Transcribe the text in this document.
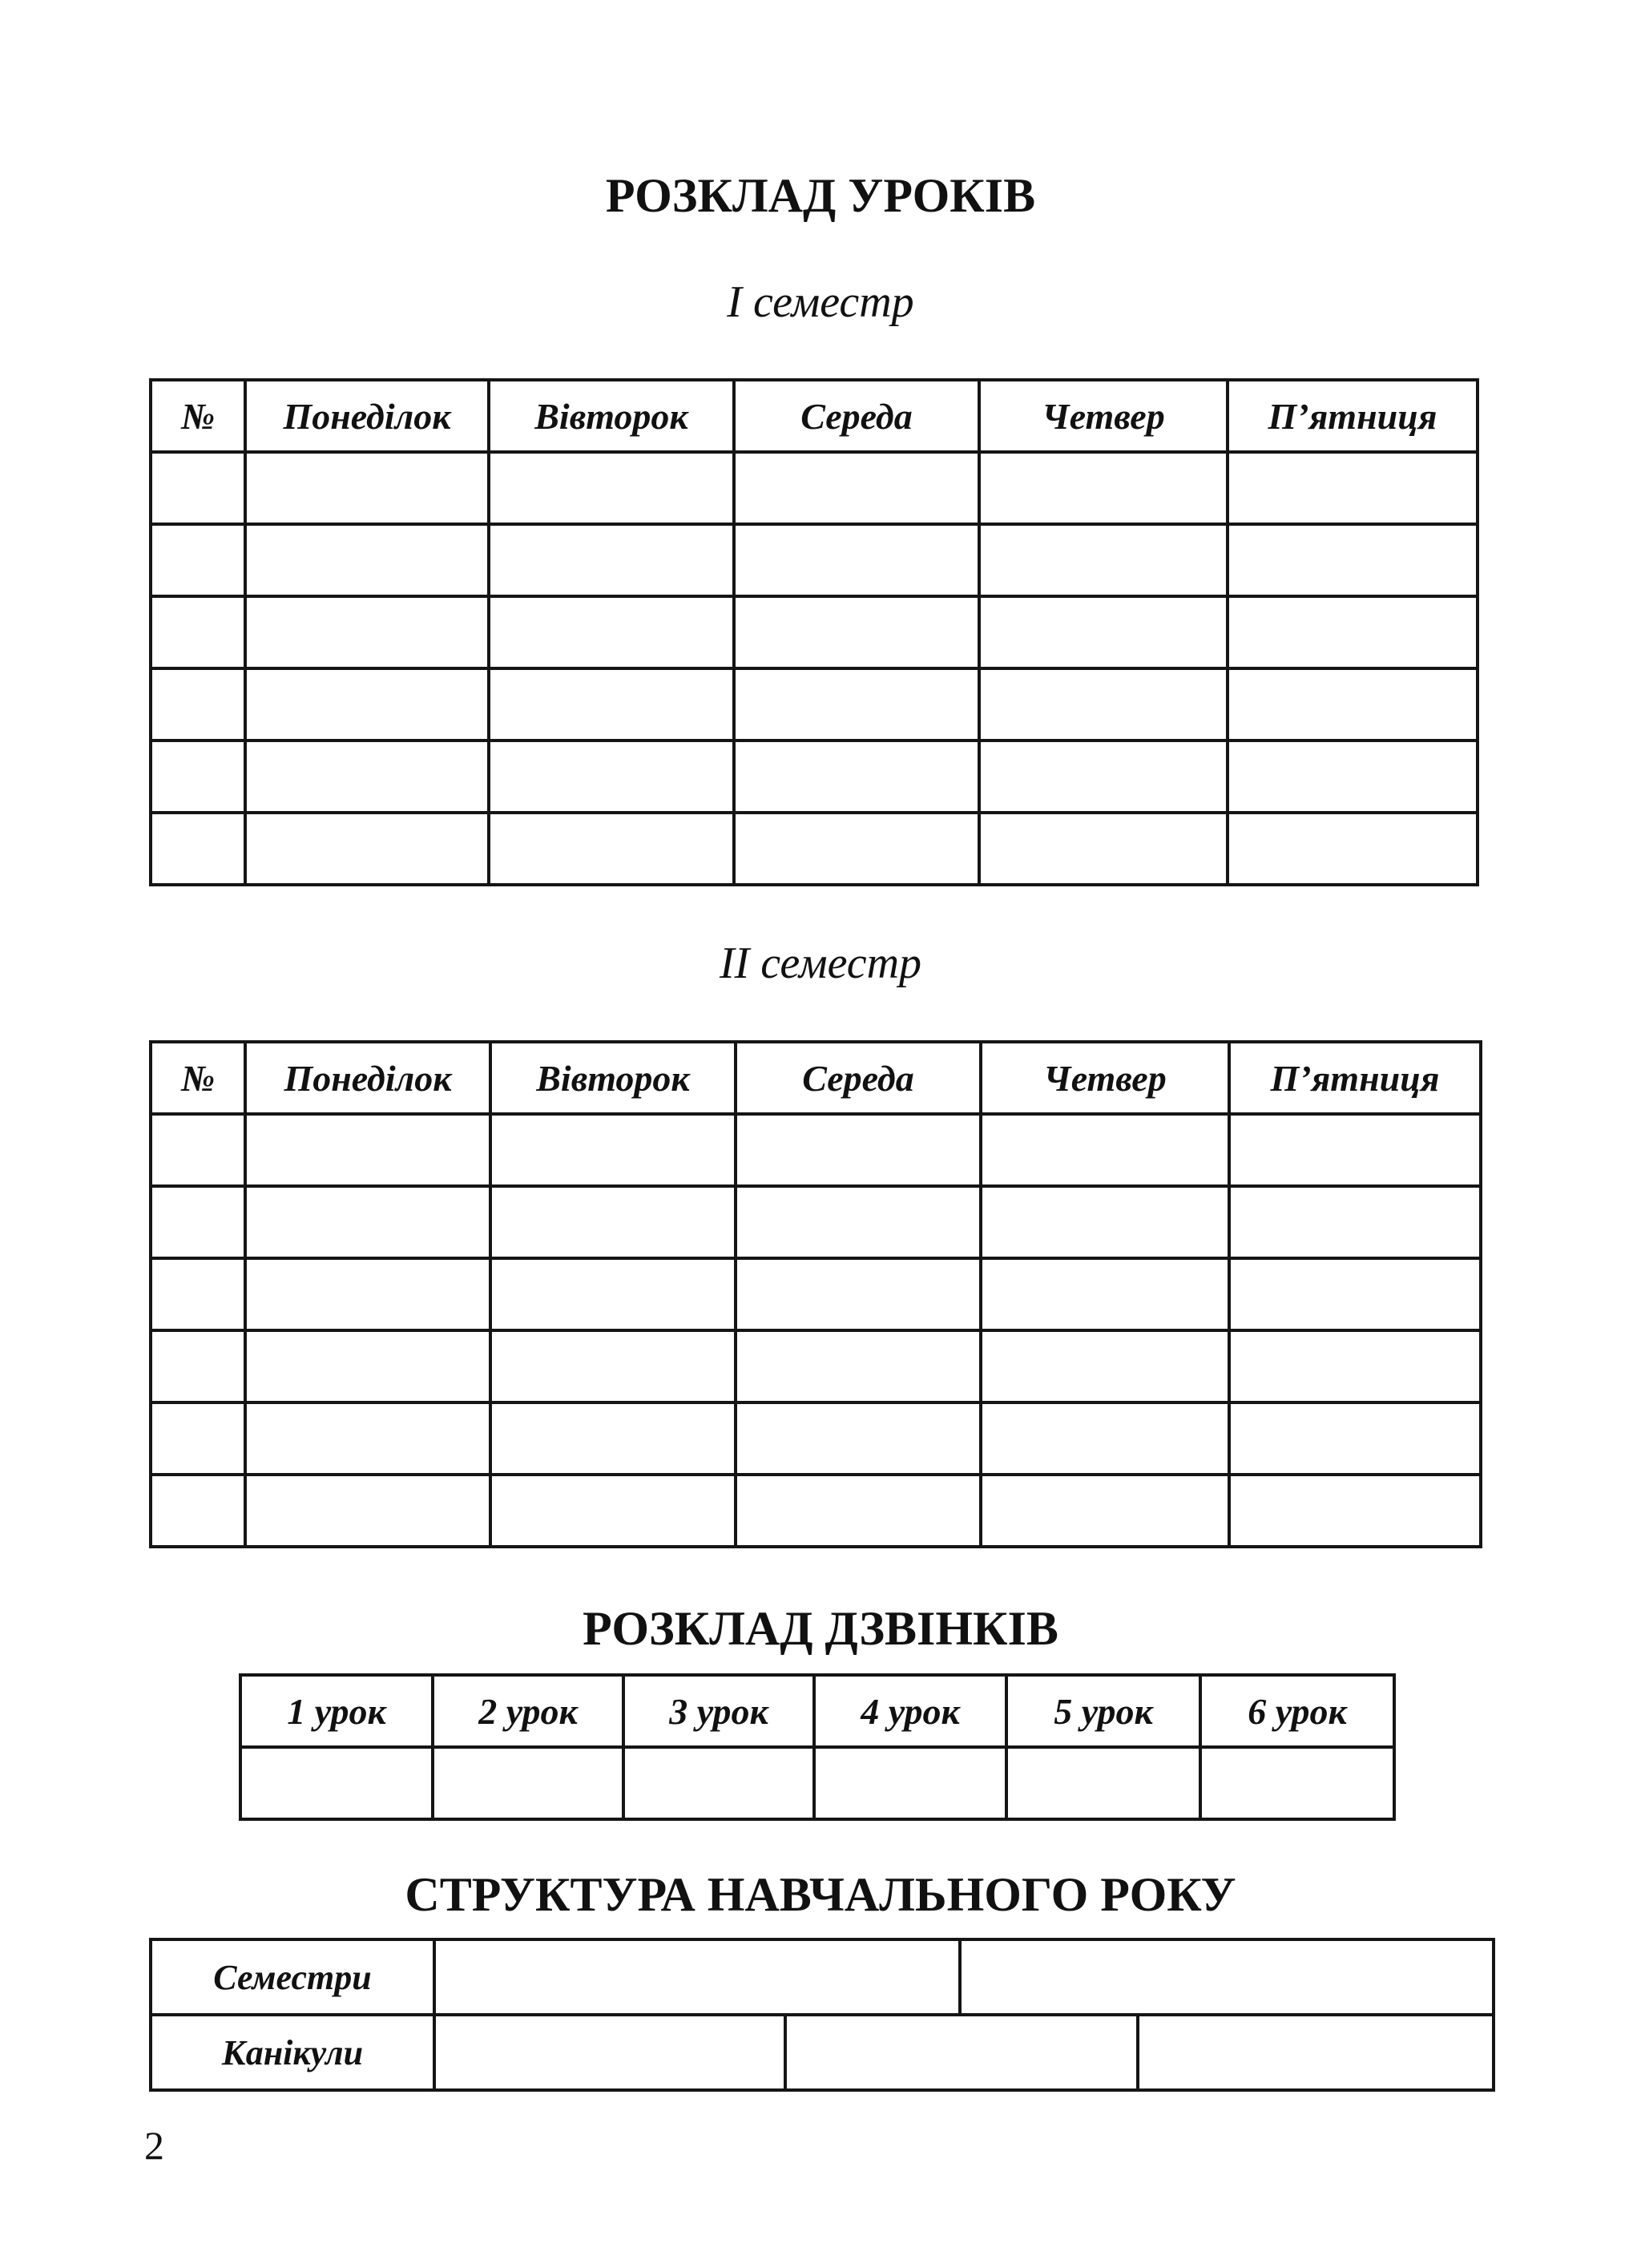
РОЗКЛАД УРОКІВ
І семестр
№	Понеділок	Вівторок	Середа	Четвер	П’ятниця

ІІ семестр
№	Понеділок	Вівторок	Середа	Четвер	П’ятниця

РОЗКЛАД ДЗВІНКІВ
1 урок	2 урок	3 урок	4 урок	5 урок	6 урок

СТРУКТУРА НАВЧАЛЬНОГО РОКУ
Семестри				
Канікули				
2
